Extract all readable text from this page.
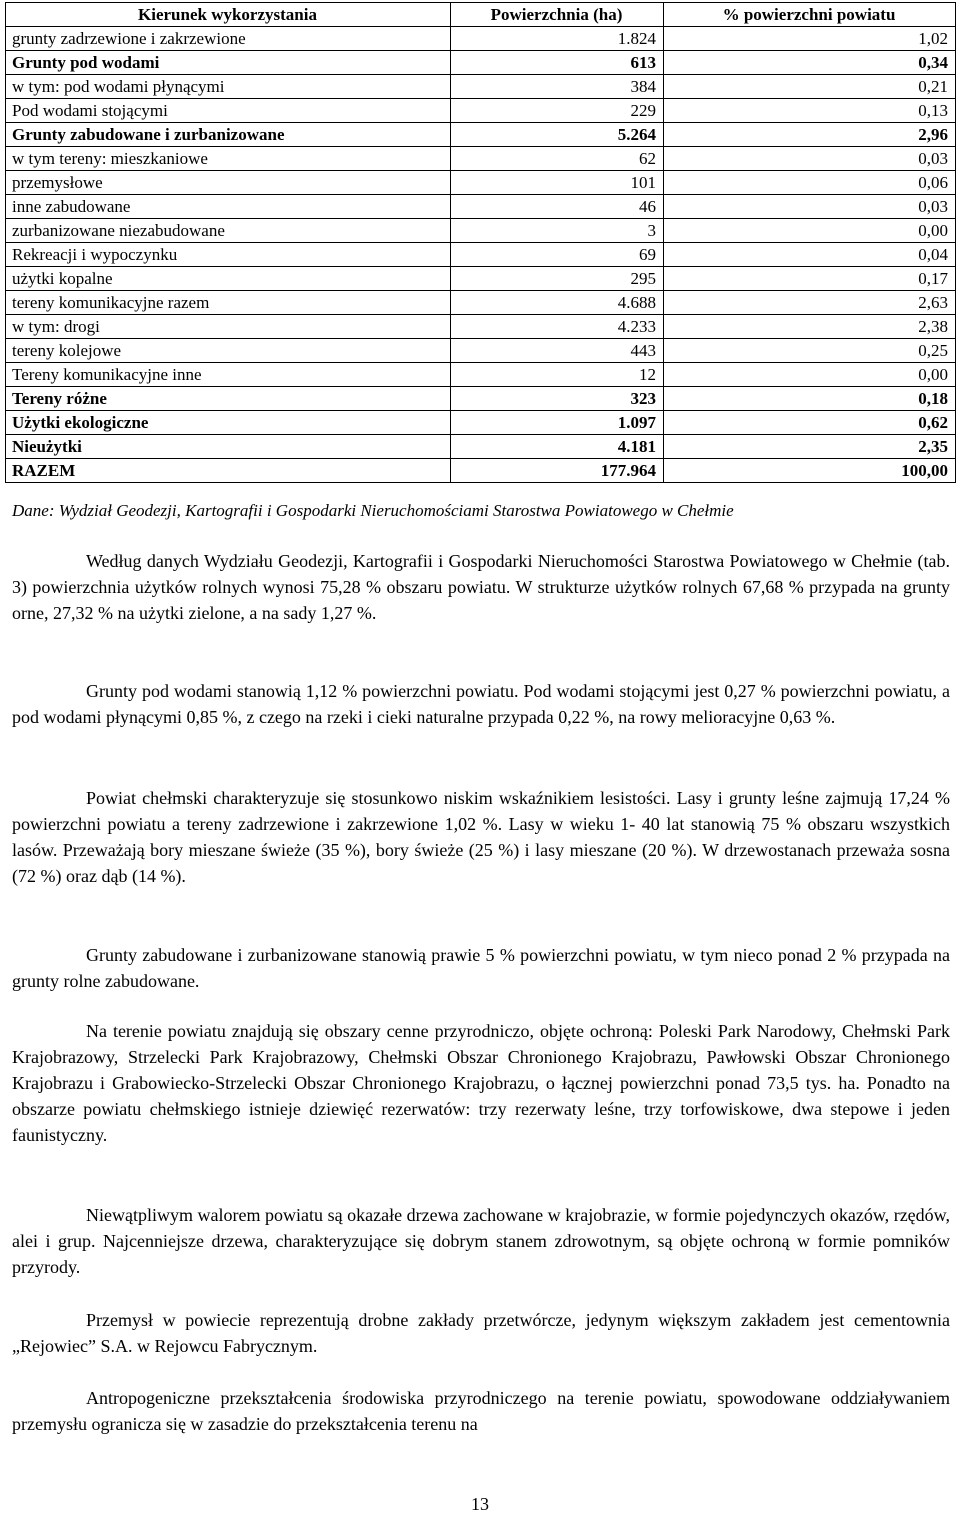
Kierunek wykorzystania	Powierzchnia (ha)	% powierzchni powiatu
grunty zadrzewione i zakrzewione	1.824	1,02
Grunty pod wodami	613	0,34
w tym: pod wodami płynącymi	384	0,21
Pod wodami stojącymi	229	0,13
Grunty zabudowane i zurbanizowane	5.264	2,96
w tym tereny: mieszkaniowe	62	0,03
przemysłowe	101	0,06
inne zabudowane	46	0,03
zurbanizowane niezabudowane	3	0,00
Rekreacji i wypoczynku	69	0,04
użytki kopalne	295	0,17
tereny komunikacyjne razem	4.688	2,63
w tym: drogi	4.233	2,38
tereny kolejowe	443	0,25
Tereny komunikacyjne inne	12	0,00
Tereny różne	323	0,18
Użytki ekologiczne	1.097	0,62
Nieużytki	4.181	2,35
RAZEM	177.964	100,00
Dane: Wydział Geodezji, Kartografii i Gospodarki Nieruchomościami Starostwa Powiatowego w Chełmie

Według danych Wydziału Geodezji, Kartografii i Gospodarki Nieruchomości Starostwa Powiatowego w Chełmie (tab. 3) powierzchnia użytków rolnych wynosi 75,28 % obszaru powiatu. W strukturze użytków rolnych 67,68 % przypada na grunty orne, 27,32 % na użytki zielone, a na sady 1,27 %.

Grunty pod wodami stanowią 1,12 % powierzchni powiatu. Pod wodami stojącymi jest 0,27 % powierzchni powiatu, a pod wodami płynącymi 0,85 %, z czego na rzeki i cieki naturalne przypada 0,22 %, na rowy melioracyjne 0,63 %.

Powiat chełmski charakteryzuje się stosunkowo niskim wskaźnikiem lesistości. Lasy i grunty leśne zajmują 17,24 % powierzchni powiatu a tereny zadrzewione i zakrzewione 1,02 %. Lasy w wieku 1- 40 lat stanowią 75 % obszaru wszystkich lasów. Przeważają bory mieszane świeże (35 %), bory świeże (25 %) i lasy mieszane (20 %). W drzewostanach przeważa sosna (72 %) oraz dąb (14 %).

Grunty zabudowane i zurbanizowane stanowią prawie 5 % powierzchni powiatu, w tym nieco ponad 2 % przypada na grunty rolne zabudowane.

Na terenie powiatu znajdują się obszary cenne przyrodniczo, objęte ochroną: Poleski Park Narodowy, Chełmski Park Krajobrazowy, Strzelecki Park Krajobrazowy, Chełmski Obszar Chronionego Krajobrazu, Pawłowski Obszar Chronionego Krajobrazu i Grabowiecko-Strzelecki Obszar Chronionego Krajobrazu, o łącznej powierzchni ponad 73,5 tys. ha. Ponadto na obszarze powiatu chełmskiego istnieje dziewięć rezerwatów: trzy rezerwaty leśne, trzy torfowiskowe, dwa stepowe i jeden faunistyczny.

Niewątpliwym walorem powiatu są okazałe drzewa zachowane w krajobrazie, w formie pojedynczych okazów, rzędów, alei i grup. Najcenniejsze drzewa, charakteryzujące się dobrym stanem zdrowotnym, są objęte ochroną w formie pomników przyrody.

Przemysł w powiecie reprezentują drobne zakłady przetwórcze, jedynym większym zakładem jest cementownia „Rejowiec” S.A. w Rejowcu Fabrycznym.

Antropogeniczne przekształcenia środowiska przyrodniczego na terenie powiatu, spowodowane oddziaływaniem przemysłu ogranicza się w zasadzie do przekształcenia terenu na

13
